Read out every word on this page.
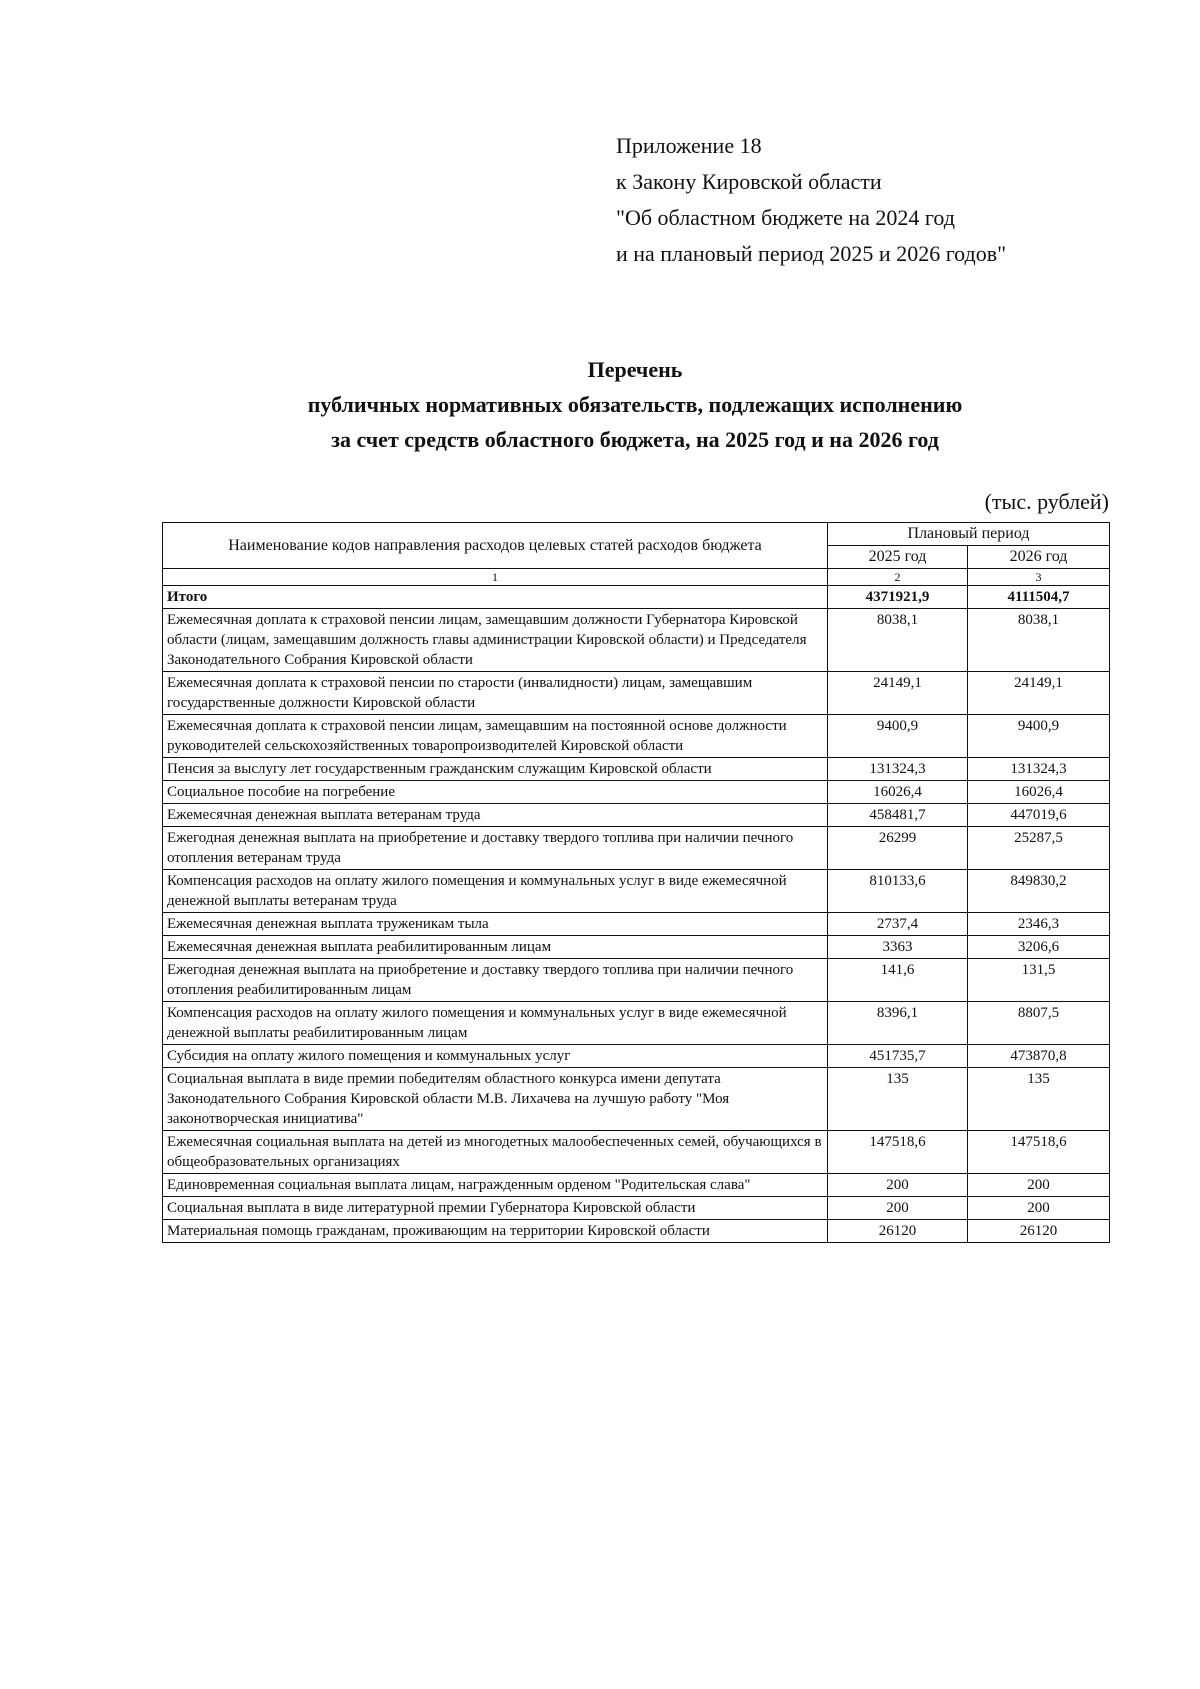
Приложение 18
к Закону Кировской области
"Об областном бюджете на 2024 год
и на плановый период 2025 и 2026 годов"
Перечень
публичных нормативных обязательств, подлежащих исполнению
за счет средств областного бюджета, на 2025 год и на 2026 год
(тыс. рублей)
Наименование кодов направления расходов целевых статей расходов бюджета	Плановый период	
	2025 год	2026 год
1	2	3
Итого	4371921,9	4111504,7
Ежемесячная доплата к страховой пенсии лицам, замещавшим должности Губернатора Кировской области (лицам, замещавшим должность главы администрации Кировской области) и Председателя Законодательного Собрания Кировской области	8038,1	8038,1
Ежемесячная доплата к страховой пенсии по старости (инвалидности) лицам, замещавшим государственные должности Кировской области	24149,1	24149,1
Ежемесячная доплата к страховой пенсии лицам, замещавшим на постоянной основе должности руководителей сельскохозяйственных товаропроизводителей Кировской области	9400,9	9400,9
Пенсия за выслугу лет государственным гражданским служащим Кировской области	131324,3	131324,3
Социальное пособие на погребение	16026,4	16026,4
Ежемесячная денежная выплата ветеранам труда	458481,7	447019,6
Ежегодная денежная выплата на приобретение и доставку твердого топлива при наличии печного отопления ветеранам труда	26299	25287,5
Компенсация расходов на оплату жилого помещения и коммунальных услуг в виде ежемесячной денежной выплаты ветеранам труда	810133,6	849830,2
Ежемесячная денежная выплата труженикам тыла	2737,4	2346,3
Ежемесячная денежная выплата реабилитированным лицам	3363	3206,6
Ежегодная денежная выплата на приобретение и доставку твердого топлива при наличии печного отопления реабилитированным лицам	141,6	131,5
Компенсация расходов на оплату жилого помещения и коммунальных услуг в виде ежемесячной денежной выплаты реабилитированным лицам	8396,1	8807,5
Субсидия на оплату жилого помещения и коммунальных услуг	451735,7	473870,8
Социальная выплата в виде премии победителям областного конкурса имени депутата Законодательного Собрания Кировской области М.В. Лихачева на лучшую работу "Моя законотворческая инициатива"	135	135
Ежемесячная социальная выплата на детей из многодетных малообеспеченных семей, обучающихся в общеобразовательных организациях	147518,6	147518,6
Единовременная социальная выплата лицам, награжденным орденом "Родительская слава"	200	200
Социальная выплата в виде литературной премии Губернатора Кировской области	200	200
Материальная помощь гражданам, проживающим на территории Кировской области	26120	26120
